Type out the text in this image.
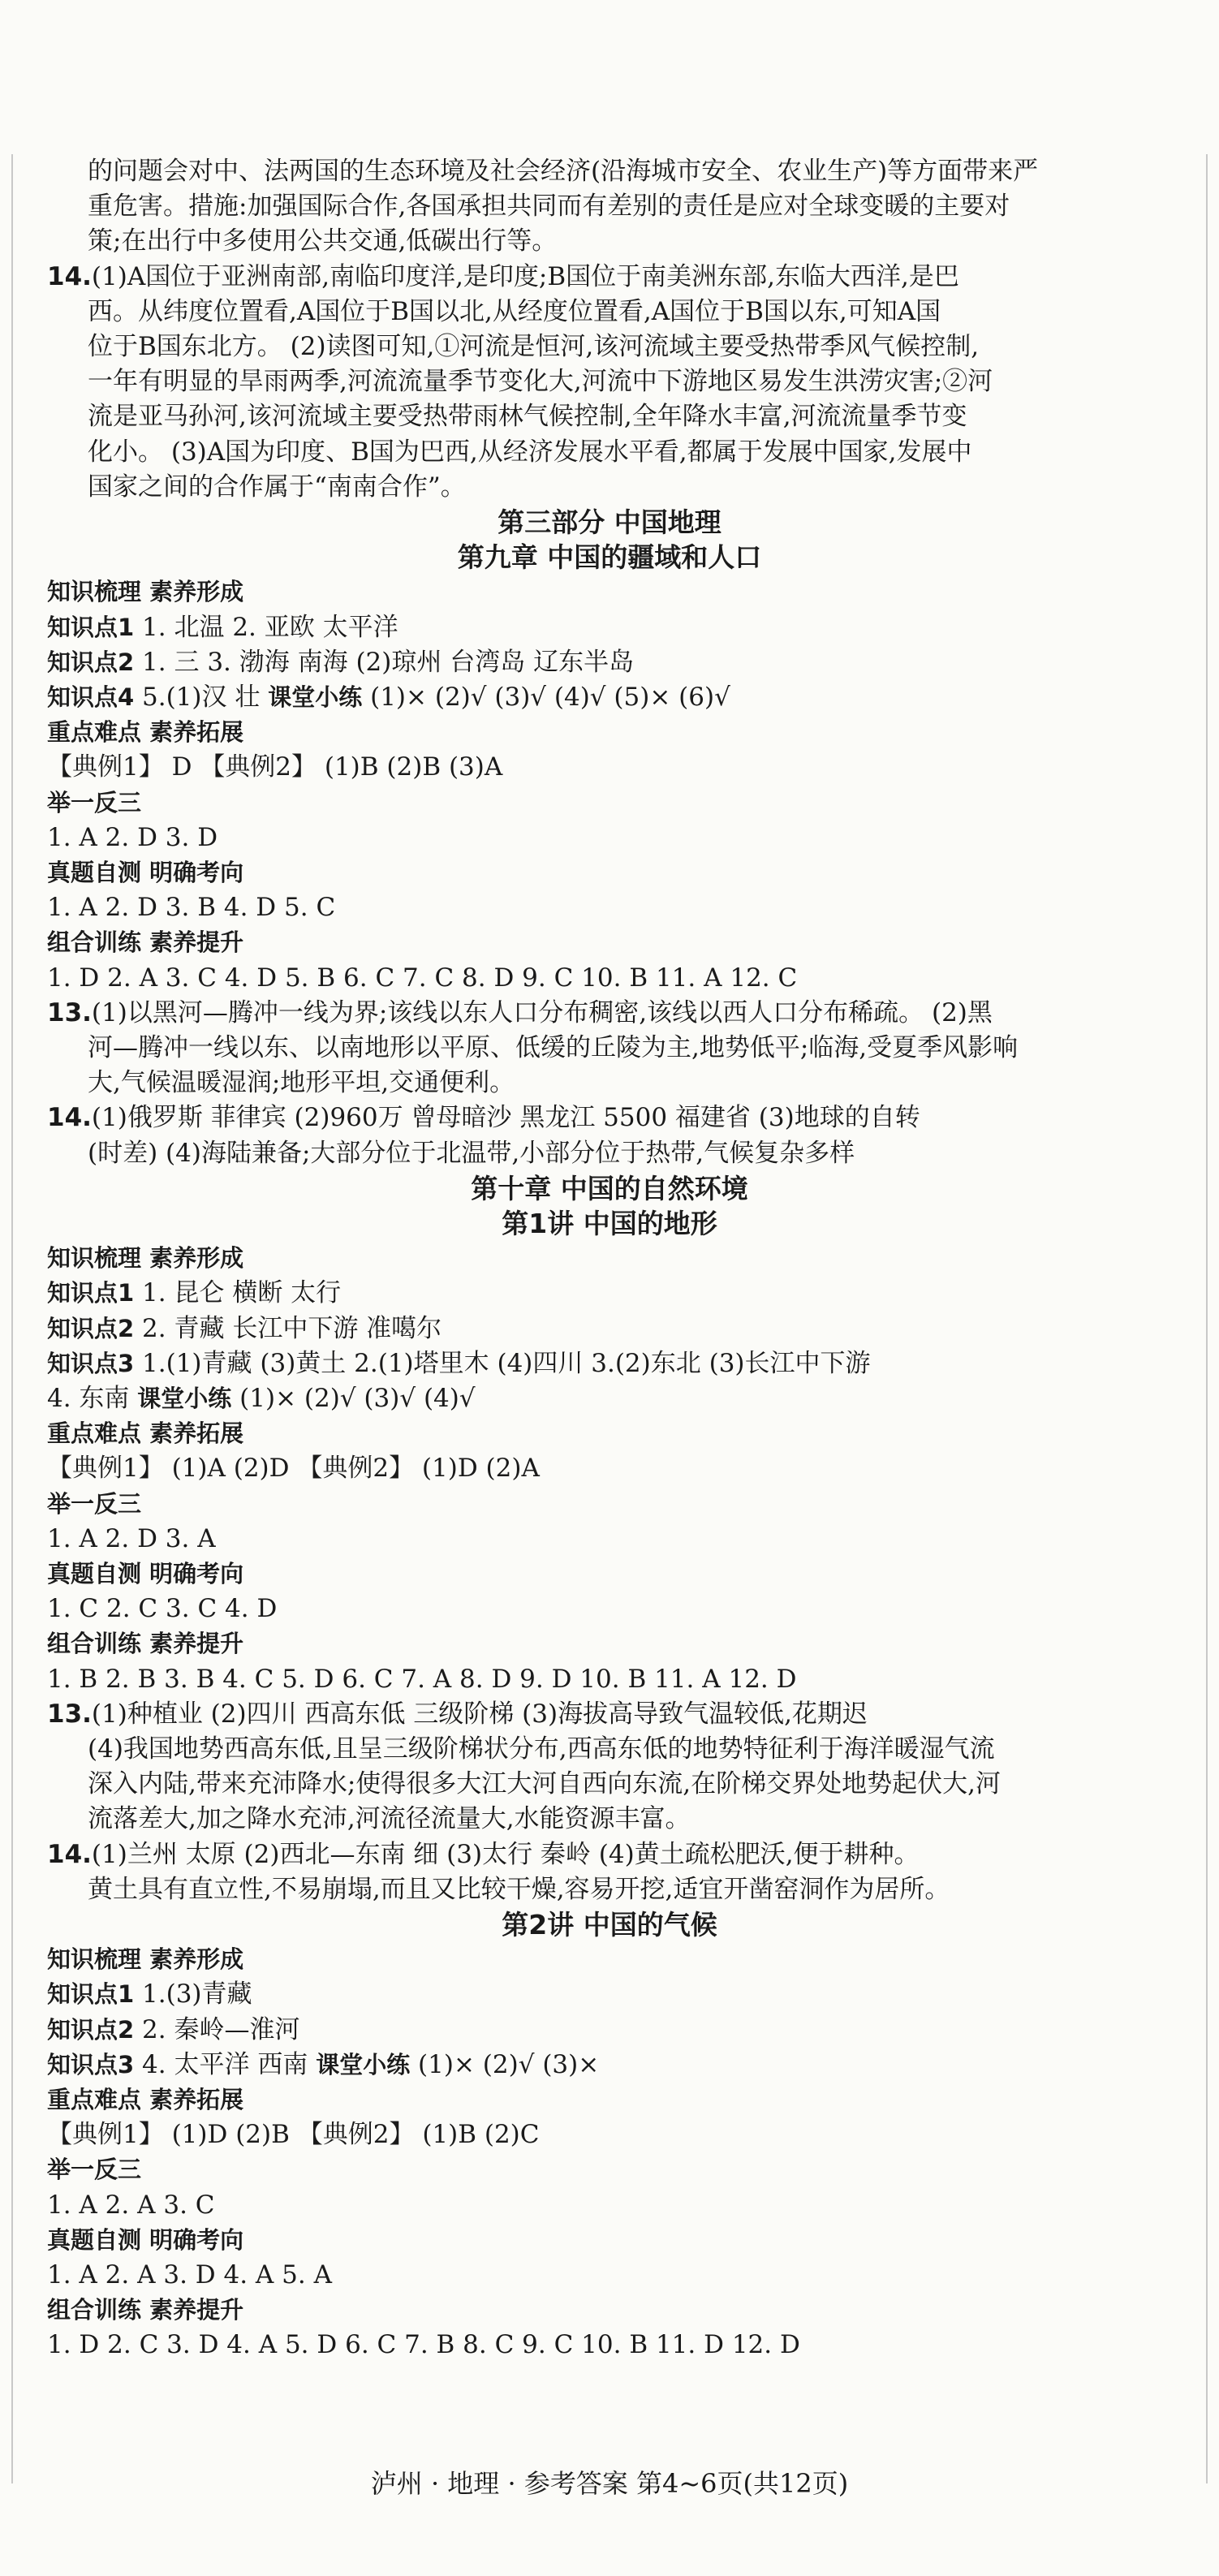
的问题会对中、法两国的生态环境及社会经济(沿海城市安全、农业生产)等方面带来严
重危害。措施:加强国际合作,各国承担共同而有差别的责任是应对全球变暖的主要对
策;在出行中多使用公共交通,低碳出行等。
14.(1)A国位于亚洲南部,南临印度洋,是印度;B国位于南美洲东部,东临大西洋,是巴
西。从纬度位置看,A国位于B国以北,从经度位置看,A国位于B国以东,可知A国
位于B国东北方。 (2)读图可知,①河流是恒河,该河流域主要受热带季风气候控制,
一年有明显的旱雨两季,河流流量季节变化大,河流中下游地区易发生洪涝灾害;②河
流是亚马孙河,该河流域主要受热带雨林气候控制,全年降水丰富,河流流量季节变
化小。 (3)A国为印度、B国为巴西,从经济发展水平看,都属于发展中国家,发展中
国家之间的合作属于“南南合作”。
第三部分 中国地理
第九章 中国的疆域和人口
知识梳理 素养形成
知识点1 1. 北温 2. 亚欧 太平洋
知识点2 1. 三 3. 渤海 南海 (2)琼州 台湾岛 辽东半岛
知识点4 5.(1)汉 壮 课堂小练 (1)× (2)√ (3)√ (4)√ (5)× (6)√
重点难点 素养拓展
【典例1】 D 【典例2】 (1)B (2)B (3)A
举一反三
1. A 2. D 3. D
真题自测 明确考向
1. A 2. D 3. B 4. D 5. C
组合训练 素养提升
1. D 2. A 3. C 4. D 5. B 6. C 7. C 8. D 9. C 10. B 11. A 12. C
13.(1)以黑河—腾冲一线为界;该线以东人口分布稠密,该线以西人口分布稀疏。 (2)黑
河—腾冲一线以东、以南地形以平原、低缓的丘陵为主,地势低平;临海,受夏季风影响
大,气候温暖湿润;地形平坦,交通便利。
14.(1)俄罗斯 菲律宾 (2)960万 曾母暗沙 黑龙江 5500 福建省 (3)地球的自转
(时差) (4)海陆兼备;大部分位于北温带,小部分位于热带,气候复杂多样
第十章 中国的自然环境
第1讲 中国的地形
知识梳理 素养形成
知识点1 1. 昆仑 横断 太行
知识点2 2. 青藏 长江中下游 准噶尔
知识点3 1.(1)青藏 (3)黄土 2.(1)塔里木 (4)四川 3.(2)东北 (3)长江中下游
4. 东南 课堂小练 (1)× (2)√ (3)√ (4)√
重点难点 素养拓展
【典例1】 (1)A (2)D 【典例2】 (1)D (2)A
举一反三
1. A 2. D 3. A
真题自测 明确考向
1. C 2. C 3. C 4. D
组合训练 素养提升
1. B 2. B 3. B 4. C 5. D 6. C 7. A 8. D 9. D 10. B 11. A 12. D
13.(1)种植业 (2)四川 西高东低 三级阶梯 (3)海拔高导致气温较低,花期迟
(4)我国地势西高东低,且呈三级阶梯状分布,西高东低的地势特征利于海洋暖湿气流
深入内陆,带来充沛降水;使得很多大江大河自西向东流,在阶梯交界处地势起伏大,河
流落差大,加之降水充沛,河流径流量大,水能资源丰富。
14.(1)兰州 太原 (2)西北—东南 细 (3)太行 秦岭 (4)黄土疏松肥沃,便于耕种。
黄土具有直立性,不易崩塌,而且又比较干燥,容易开挖,适宜开凿窑洞作为居所。
第2讲 中国的气候
知识梳理 素养形成
知识点1 1.(3)青藏
知识点2 2. 秦岭—淮河
知识点3 4. 太平洋 西南 课堂小练 (1)× (2)√ (3)×
重点难点 素养拓展
【典例1】 (1)D (2)B 【典例2】 (1)B (2)C
举一反三
1. A 2. A 3. C
真题自测 明确考向
1. A 2. A 3. D 4. A 5. A
组合训练 素养提升
1. D 2. C 3. D 4. A 5. D 6. C 7. B 8. C 9. C 10. B 11. D 12. D
泸州 · 地理 · 参考答案 第4~6页(共12页)
